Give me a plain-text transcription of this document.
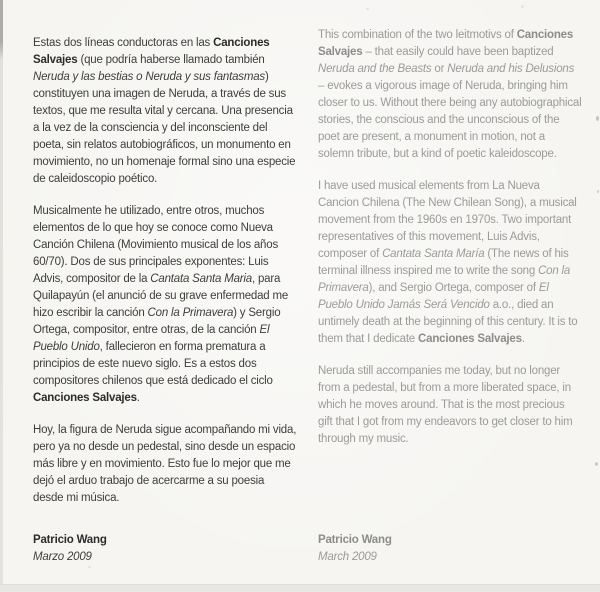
Estas dos líneas conductoras en las Canciones Salvajes (que podría haberse llamado también Neruda y las bestias o Neruda y sus fantasmas) constituyen una imagen de Neruda, a través de sus textos, que me resulta vital y cercana. Una presencia a la vez de la consciencia y del inconsciente del poeta, sin relatos autobiográficos, un monumento en movimiento, no un homenaje formal sino una especie de caleidoscopio poético.

Musicalmente he utilizado, entre otros, muchos elementos de lo que hoy se conoce como Nueva Canción Chilena (Movimiento musical de los años 60/70). Dos de sus principales exponentes: Luis Advis, compositor de la Cantata Santa Maria, para Quilapayún (el anunció de su grave enfermedad me hizo escribir la canción Con la Primavera) y Sergio Ortega, compositor, entre otras, de la canción El Pueblo Unido, fallecieron en forma prematura a principios de este nuevo siglo. Es a estos dos compositores chilenos que está dedicado el ciclo Canciones Salvajes.

Hoy, la figura de Neruda sigue acompañando mi vida, pero ya no desde un pedestal, sino desde un espacio más libre y en movimiento. Esto fue lo mejor que me dejó el arduo trabajo de acercarme a su poesia desde mi música.

This combination of the two leitmotivs of Canciones Salvajes – that easily could have been baptized Neruda and the Beasts or Neruda and his Delusions – evokes a vigorous image of Neruda, bringing him closer to us. Without there being any autobiographical stories, the conscious and the unconscious of the poet are present, a monument in motion, not a solemn tribute, but a kind of poetic kaleidoscope.

I have used musical elements from La Nueva Cancion Chilena (The New Chilean Song), a musical movement from the 1960s en 1970s. Two important representatives of this movement, Luis Advis, composer of Cantata Santa María (The news of his terminal illness inspired me to write the song Con la Primavera), and Sergio Ortega, composer of El Pueblo Unido Jamás Será Vencido a.o., died an untimely death at the beginning of this century. It is to them that I dedicate Canciones Salvajes.

Neruda still accompanies me today, but no longer from a pedestal, but from a more liberated space, in which he moves around. That is the most precious gift that I got from my endeavors to get closer to him through my music.

Patricio Wang
Marzo 2009
Patricio Wang
March 2009
